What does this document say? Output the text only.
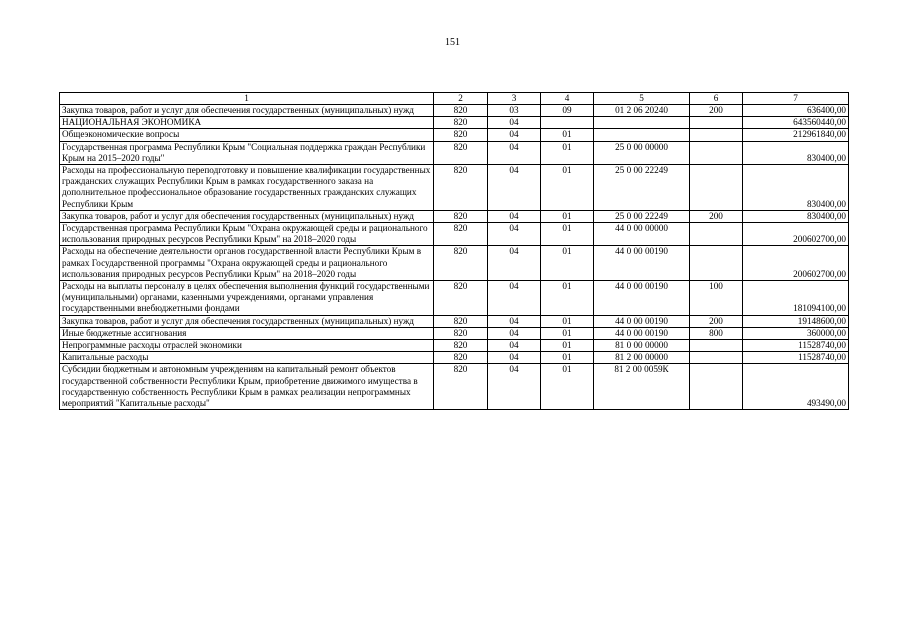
151
1	2	3	4	5	6	7
Закупка товаров, работ и услуг для обеспечения государственных (муниципальных) нужд	820	03	09	01 2 06 20240	200	636400,00
НАЦИОНАЛЬНАЯ ЭКОНОМИКА	820	04				643560440,00
Общеэкономические вопросы	820	04	01			212961840,00
Государственная программа Республики Крым "Социальная поддержка граждан Республики Крым на 2015–2020 годы"	820	04	01	25 0 00 00000		830400,00
Расходы на профессиональную переподготовку и повышение квалификации государственных гражданских служащих Республики Крым в рамках государственного заказа на дополнительное профессиональное образование государственных гражданских служащих Республики Крым	820	04	01	25 0 00 22249		830400,00
Закупка товаров, работ и услуг для обеспечения государственных (муниципальных) нужд	820	04	01	25 0 00 22249	200	830400,00
Государственная программа Республики Крым "Охрана окружающей среды и рационального использования природных ресурсов Республики Крым" на 2018–2020 годы	820	04	01	44 0 00 00000		200602700,00
Расходы на обеспечение деятельности органов государственной власти Республики Крым в рамках Государственной программы "Охрана окружающей среды и рационального использования природных ресурсов Республики Крым" на 2018–2020 годы	820	04	01	44 0 00 00190		200602700,00
Расходы на выплаты персоналу в целях обеспечения выполнения функций государственными (муниципальными) органами, казенными учреждениями, органами управления государственными внебюджетными фондами	820	04	01	44 0 00 00190	100	181094100,00
Закупка товаров, работ и услуг для обеспечения государственных (муниципальных) нужд	820	04	01	44 0 00 00190	200	19148600,00
Иные бюджетные ассигнования	820	04	01	44 0 00 00190	800	360000,00
Непрограммные расходы отраслей экономики	820	04	01	81 0 00 00000		11528740,00
Капитальные расходы	820	04	01	81 2 00 00000		11528740,00
Субсидии бюджетным и автономным учреждениям на капитальный ремонт объектов государственной собственности Республики Крым, приобретение движимого имущества в государственную собственность Республики Крым в рамках реализации непрограммных мероприятий "Капитальные расходы"	820	04	01	81 2 00 0059К		493490,00
